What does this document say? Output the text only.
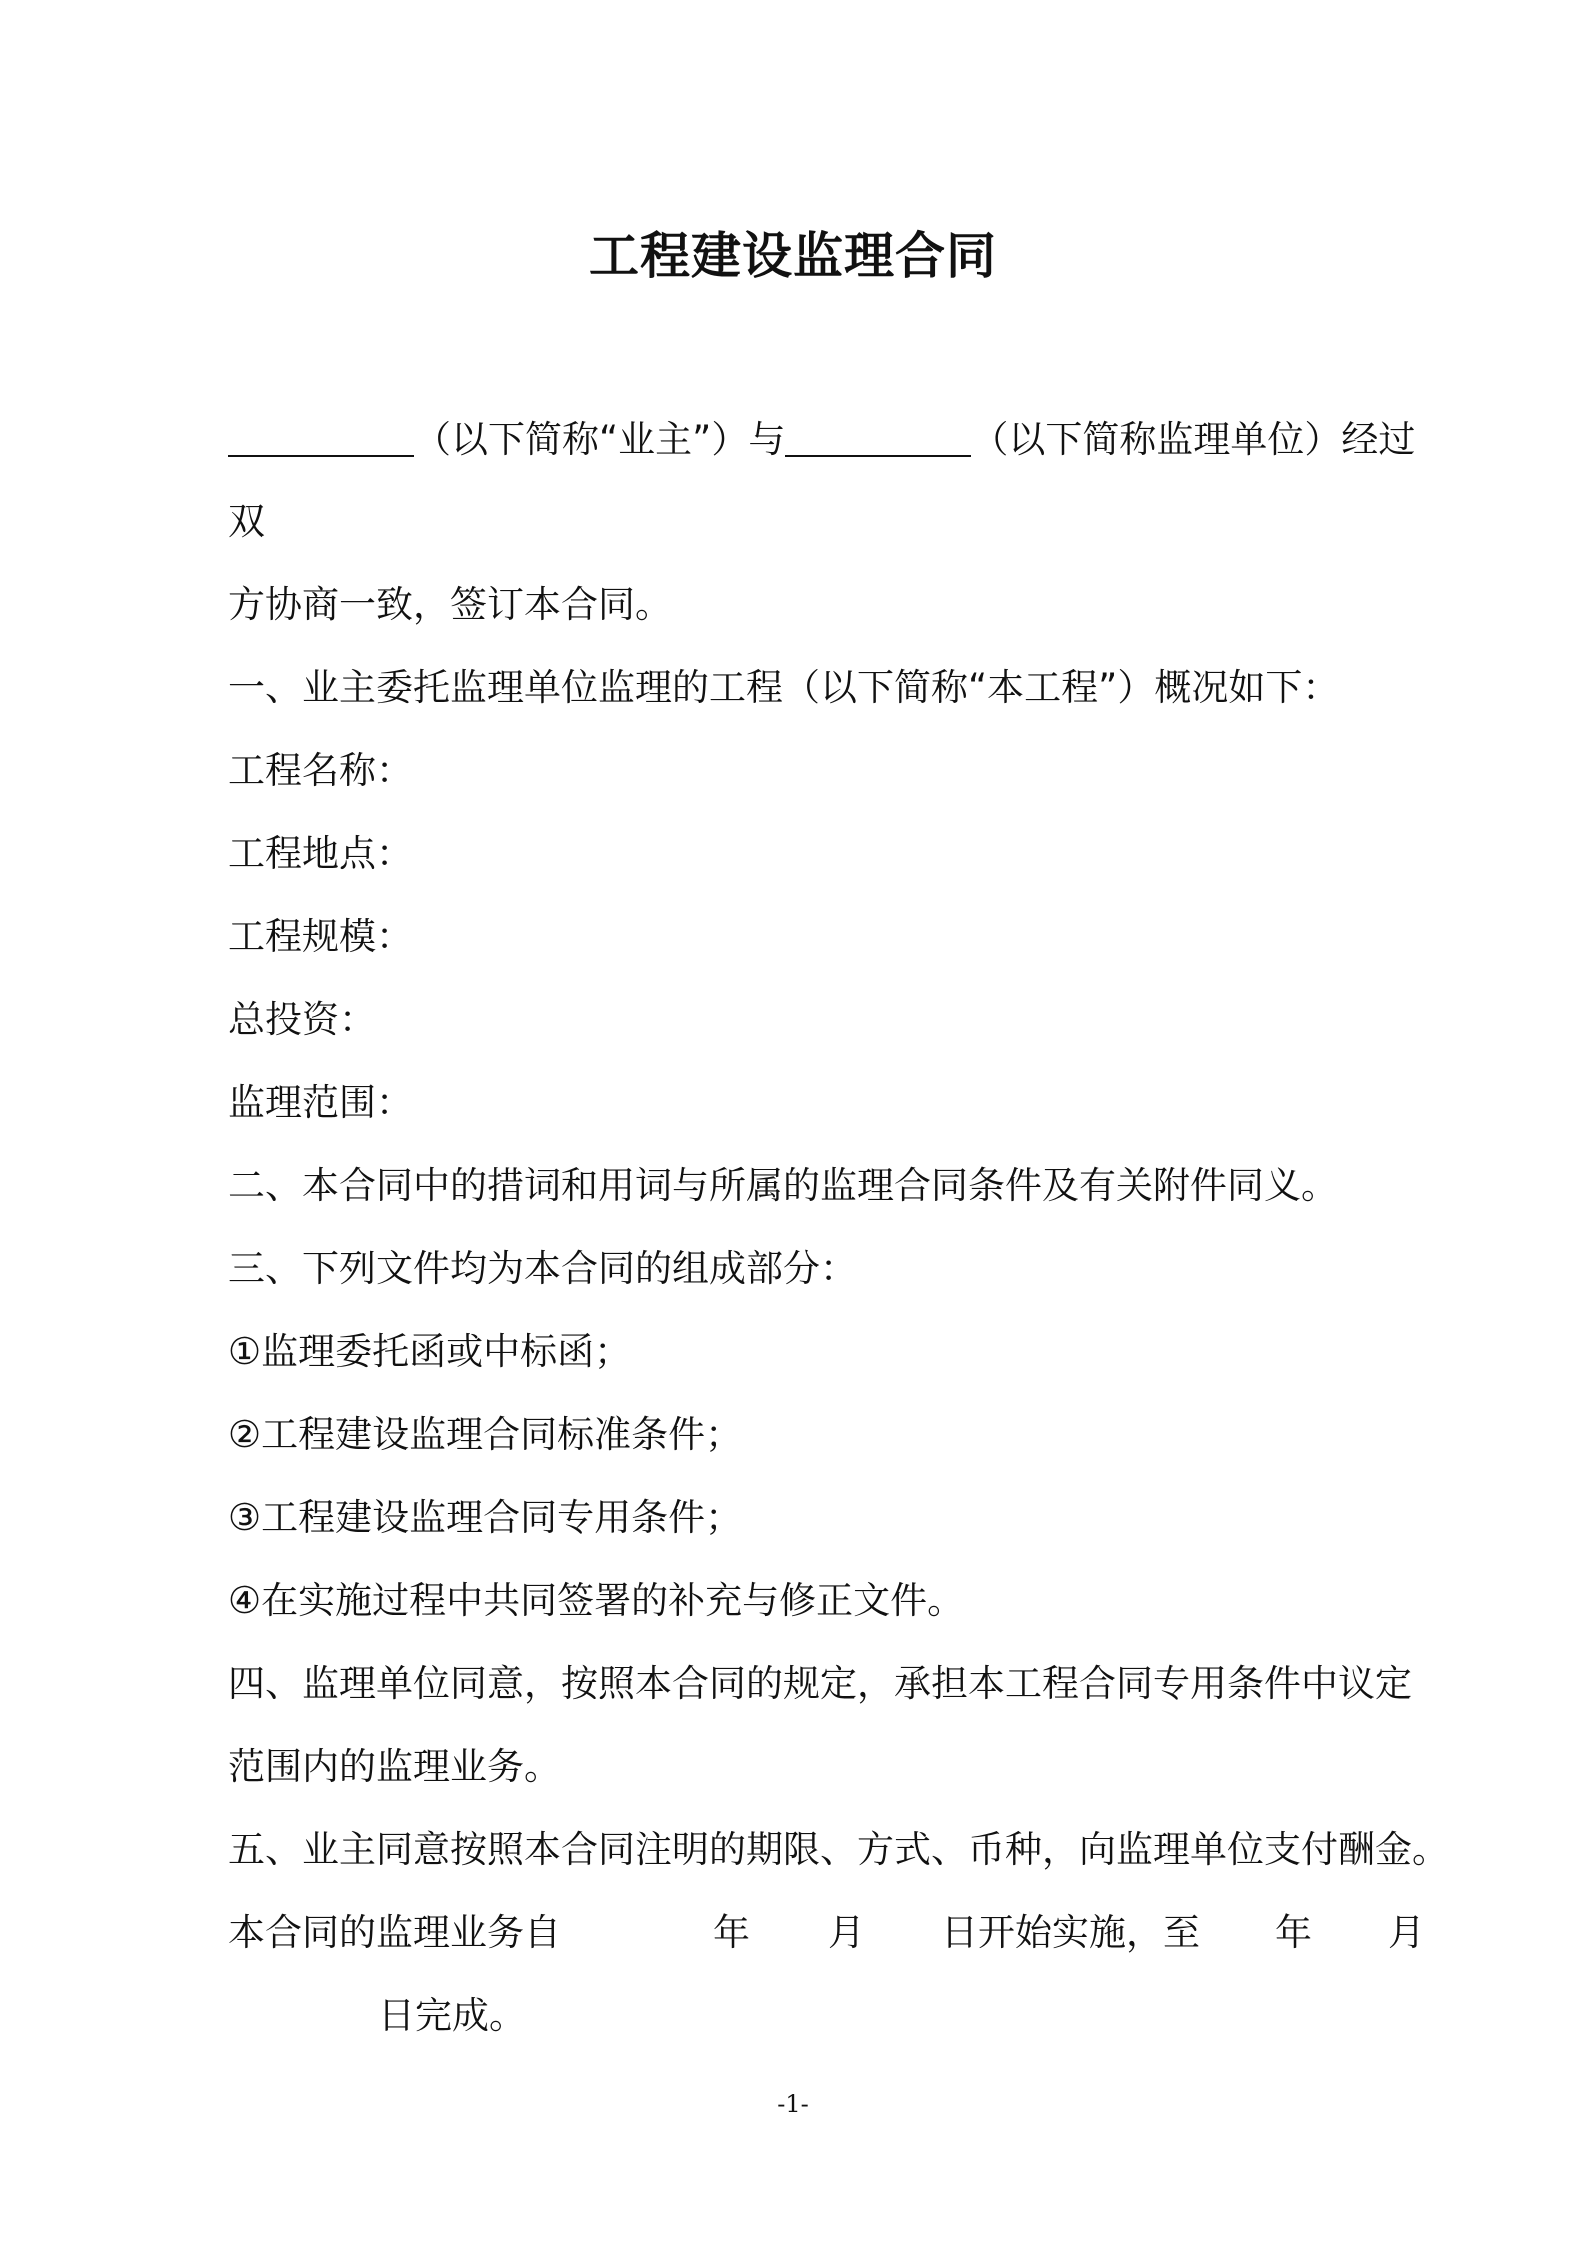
工程建设监理合同
（以下简称“业主”）与	（以下简称监理单位）经过
双
方协商一致，签订本合同。
一、业主委托监理单位监理的工程（以下简称“本工程”）概况如下：
工程名称：
工程地点：
工程规模：
总投资：
监理范围：
二、本合同中的措词和用词与所属的监理合同条件及有关附件同义。
三、下列文件均为本合同的组成部分：
①监理委托函或中标函；
②工程建设监理合同标准条件；
③工程建设监理合同专用条件；
④在实施过程中共同签署的补充与修正文件。
四、监理单位同意，按照本合同的规定，承担本工程合同专用条件中议定
范围内的监理业务。
五、业主同意按照本合同注明的期限、方式、币种，向监理单位支付酬金。
本合同的监理业务自	年 月 日开始实施，至 年 月
日完成。
-1-
